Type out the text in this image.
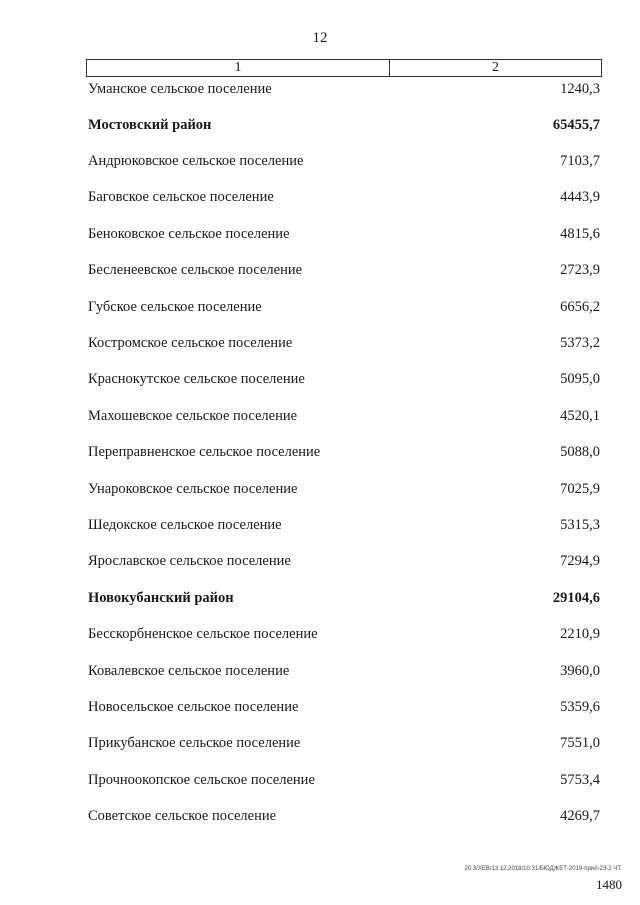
12
1	2
Уманское сельское поселение	1240,3
Мостовский район	65455,7
Андрюковское сельское поселение	7103,7
Баговское сельское поселение	4443,9
Беноковское сельское поселение	4815,6
Бесленеевское сельское поселение	2723,9
Губское сельское поселение	6656,2
Костромское сельское поселение	5373,2
Краснокутское сельское поселение	5095,0
Махошевское сельское поселение	4520,1
Переправненское сельское поселение	5088,0
Унароковское сельское поселение	7025,9
Шедокское сельское поселение	5315,3
Ярославское сельское поселение	7294,9
Новокубанский район	29104,6
Бесскорбненское сельское поселение	2210,9
Ковалевское сельское поселение	3960,0
Новосельское сельское поселение	5359,6
Прикубанское сельское поселение	7551,0
Прочноокопское сельское поселение	5753,4
Советское сельское поселение	4269,7
20.3/XЕВ/13.12.2018/10:31/БЮДЖЕТ-2019-прил-23-2 ЧТ.
1480
